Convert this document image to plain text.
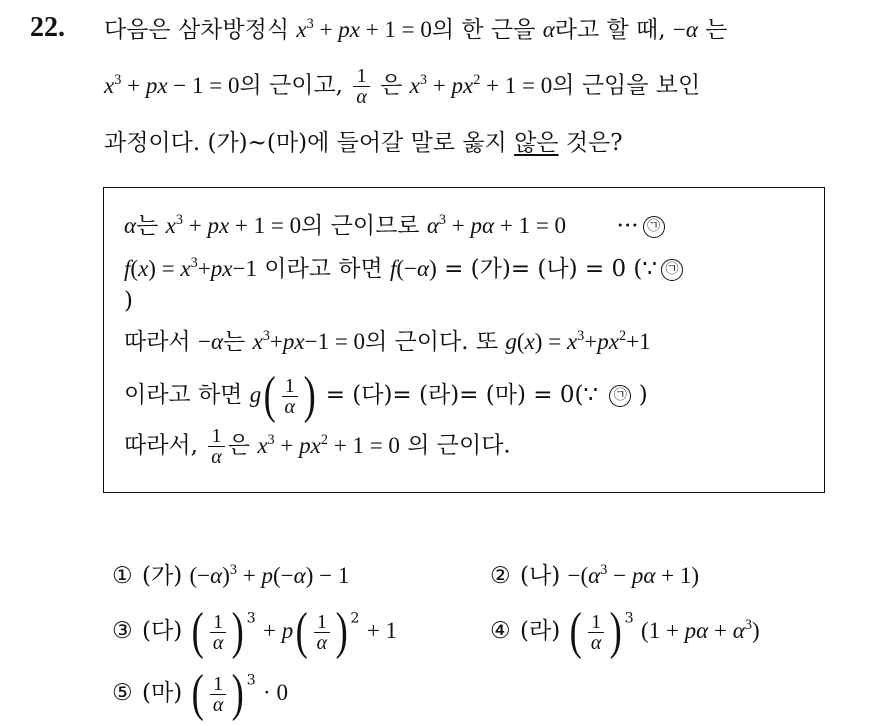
22. 다음은 삼차방정식 $x^3$ + px + 1 = 0의 한 근을 α라고 할 때, −α 는
$x^3$ + px − 1 = 0의 근이고, $\frac{1}{\alpha}$ 은 $x^3 + px^2 + 1 = 0$의 근임을 보인
과정이다. (가)~(마)에 들어갈 말로 옳지 않은 것은?
α는 $x^3$ + px + 1 = 0의 근이므로 $\alpha^3 + p\alpha + 1 = 0$ ··· ㉠
$f(x) = x^3+px-1$ 이라고 하면 f(−α) = (가)= (나) = 0 (∵ ㉠
)
따라서 −α는 $x^3+px-1 = 0$의 근이다. 또 $g(x) = x^3+px^2+1$
이라고 하면 $g( \frac{1}{\alpha}$ ) = (다)= (라)= (마) = 0(∵ ㉠ )
따라서, $\frac{1}{\alpha}$ 은 $x^3 + px^2 + 1 = 0$ 의 근이다.
① (가) $(-\alpha)^3 + p(-\alpha) - 1$	② (나) $-(\alpha^3 - p\alpha + 1)$
③ (다) ( $\frac{1}{\alpha}$ ) $^3 + p( \frac{1}{\alpha}$ ) $^2$ + 1	④ (라) ( $\frac{1}{\alpha}$ ) $^3$ $(1 + p\alpha + \alpha^3)$
⑤ (마) ( $\frac{1}{\alpha}$ ) $^3$ · 0
